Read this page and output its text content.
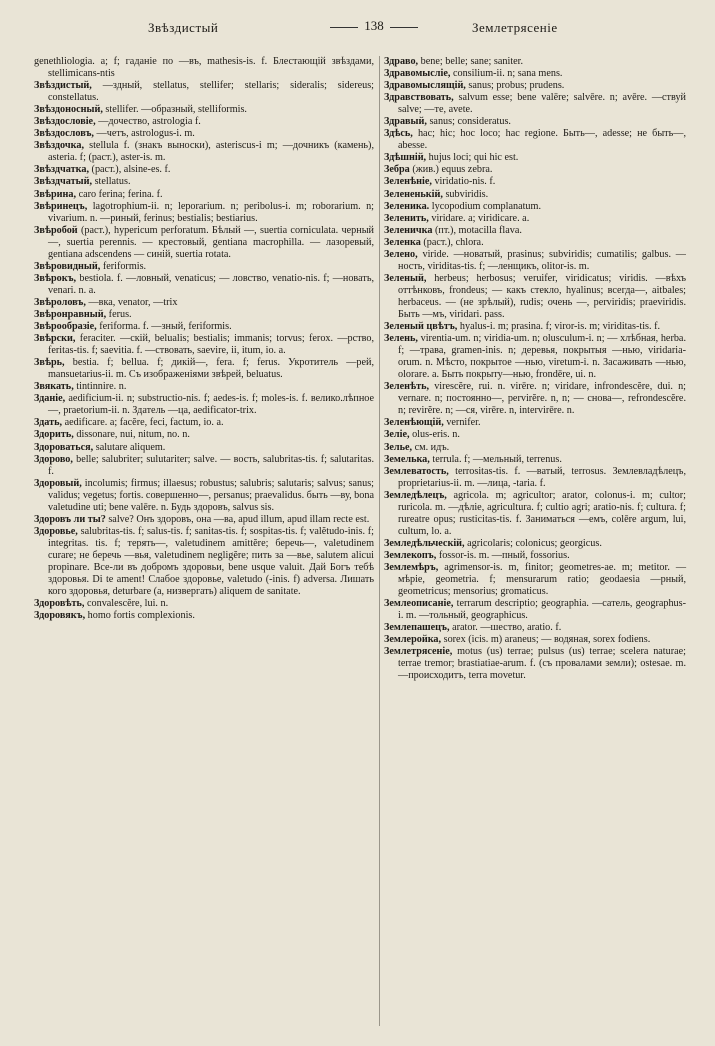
Звѣздистый	138	Землетрясеніе

genethliologia. a; f; гаданіе по —въ, mathesis-is. f. Блестающій звѣздами, stellimicans-ntis

Звѣздистый, —здный, stellatus, stellifer; stellaris; sideralis; sidereus; constellatus.

Звѣздоносный, stellifer. —образный, stelliformis.

Звѣздословіе, —дочество, astrologia f.

Звѣздословъ, —четъ, astrologus-i. m.

Звѣздочка, stellula f. (знакъ выноски), asteriscus-i m; —дочникъ (камень), asteria. f; (раст.), aster-is. m.

Звѣздчатка, (раст.), alsine-es. f.

Звѣздчатый, stellatus.

Звѣрина, caro ferina; ferina. f.

Звѣринецъ, lagotrophium-ii. n; leporarium. n; peribolus-i. m; roborarium. n; vivarium. n. —риный, ferinus; bestialis; bestiarius.

Звѣробой (раст.), hypericum perforatum. Бѣлый —, suertia corniculata. черный —, suertia perennis. — крестовый, gentiana macrophilla. — лазоревый, gentiana adscendens — синій, suertia rotata.

Звѣровидный, feriformis.

Звѣрокъ, bestiola. f. —ловный, venaticus; — ловство, venatio-nis. f; —новать, venari. n. a.

Звѣроловъ, —вка, venator, —trix

Звѣронравный, ferus.

Звѣрообразіе, feriforma. f. —зный, feriformis.

Звѣрски, feraciter. —скій, belualis; bestialis; immanis; torvus; ferox. —рство, feritas-tis. f; saevitia. f. —ствовать, saevire, ii, itum, io. a.

Звѣрь, bestia. f; bellua. f; дикій—, fera. f; ferus. Укротитель —рей, mansuetarius-ii. m. Съ изображеніями звѣрей, beluatus.

Звякать, tintinnire. n.

Зданіе, aedificium-ii. n; substructio-nis. f; aedes-is. f; moles-is. f. велико.лѣпное—, praetorium-ii. n. Здатель —ца, aedificator-trix.

Здать, aedificare. a; facĕre, feci, factum, io. a.

Здорить, dissonare, nui, nitum, no. n.

Здороваться, salutare aliquem.

Здорово, belle; salubriter; sulutariter; salve. — вость, salubritas-tis. f; salutaritas. f.

Здоровый, incolumis; firmus; illaesus; robustus; salubris; salutaris; salvus; sanus; validus; vegetus; fortis. совершенно—, persanus; praevalidus. быть —ву, bona valetudine uti; bene valēre. n. Будь здоровъ, salvus sis.

Здоровъ ли ты? salve? Онъ здоровъ, она —ва, apud illum, apud illam recte est.

Здоровье, salubritas-tis. f; salus-tis. f; sanitas-tis. f; sospitas-tis. f; valĕtudo-inis. f; integritas. tis. f; терять—, valetudinem amittĕre; беречь—, valetudinem curare; не беречь —вья, valetudinem negligĕre; пить за —вье, salutem alicui propinare. Все-ли въ добромъ здоровьи, bene usque valuit. Дай Богъ тебѣ здоровья. Di te ament! Слабое здоровье, valetudo (-inis. f) adversa. Лишать кого здоровья, deturbare (a, низвергать) aliquem de sanitate.

Здоровѣть, convalescĕre, lui. n.

Здоровякъ, homo fortis complexionis.

Здраво, bene; belle; sane; saniter.

Здравомысліе, consilium-ii. n; sana mens.

Здравомыслящій, sanus; probus; prudens.

Здравствовать, salvum esse; bene valēre; salvēre. n; avēre. —ствуй salve; —те, avete.

Здравый, sanus; consideratus.

Здѣсь, hac; hic; hoc loco; hac regione. Быть—, adesse; не быть—, abesse.

Здѣшній, hujus loci; qui hic est.

Зебра (жив.) equus zebra.

Зеленѣніе, viridatio-nis. f.

Зелененькій, subviridis.

Зеленика. lycopodium complanatum.

Зеленить, viridare. a; viridicare. a.

Зеленичка (пт.), motacilla flava.

Зеленка (раст.), chlora.

Зелено, viride. —новатый, prasinus; subviridis; cumatilis; galbus. —ность, viriditas-tis. f; —ленщикъ, olitor-is. m.

Зеленый, herbeus; herbosus; veruifer, viridicatus; viridis. —вѣхъ оттѣнковъ, frondeus; — какъ стекло, hyalinus; всегда—, aitbales; herbaceus. — (не зрѣлый), rudis; очень —, perviridis; praeviridis. Быть —мъ, viridari. pass.

Зеленый цвѣтъ, hyalus-i. m; prasina. f; viror-is. m; viriditas-tis. f.

Зелень, virentia-um. n; viridia-um. n; olusculum-i. n; — хлѣбная, herba. f; —трава, gramen-inis. n; деревья, покрытыя —нью, viridaria-orum. n. Мѣсто, покрытое —нью, viretum-i. n. Засаживать —нью, olorare. a. Быть покрыту—нью, frondēre, ui. n.

Зеленѣть, virescĕre, rui. n. virēre. n; viridare, infrondescĕre, dui. n; vernare. n; постоянно—, pervirĕre. n, n; — снова—, refrondescĕre. n; revirĕre. n; —ся, virēre. n, intervirēre. n.

Зеленѣющій, vernifer.

Зеліе, olus-eris. n.

Зелье, см. идъ.

Земелька, terrula. f; —мельный, terrenus.

Землеватость, terrositas-tis. f. —ватый, terrosus. Землевладѣлецъ, proprietarius-ii. m. —лица, -taria. f.

Земледѣлецъ, agricola. m; agricultor; arator, colonus-i. m; cultor; ruricola. m. —дѣліе, agricultura. f; cultio agri; aratio-nis. f; cultura. f; rureatre opus; rusticitas-tis. f. Заниматься —емъ, colēre argum, lui, cultum, lo. a.

Земледѣльческій, agricolaris; colonicus; georgicus.

Землекопъ, fossor-is. m. —пный, fossorius.

Землемѣръ, agrimensor-is. m, finitor; geometres-ae. m; metitor. —мѣріе, geometria. f; mensurarum ratio; geodaesia —рный, geometricus; mensorius; gromaticus.

Землеописаніе, terrarum descriptio; geographia. —сатель, geographus-i. m. —тольный, geographicus.

Землепашецъ, arator. —шество, aratio. f.

Землеройка, sorex (icis. m) araneus; — водяная, sorex fodiens.

Землетрясеніе, motus (us) terrae; pulsus (us) terrae; scelera naturae; terrae tremor; brastiatiae-arum. f. (съ провалами земли); ostesae. m. —происходитъ, terra movetur.
